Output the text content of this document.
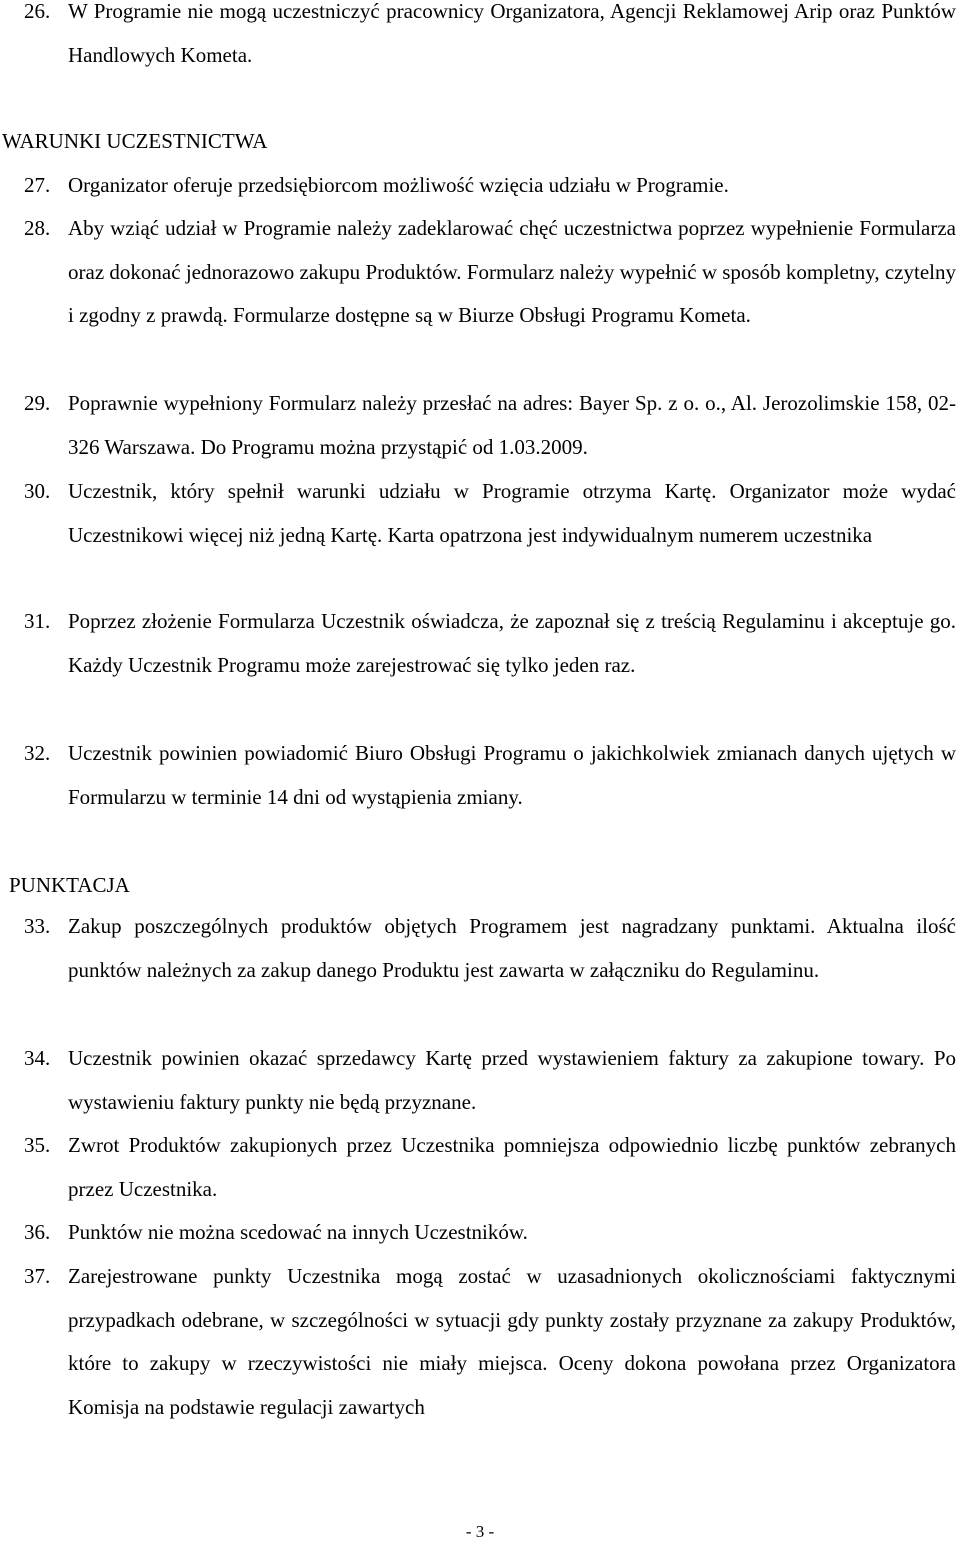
26. W Programie nie mogą uczestniczyć pracownicy Organizatora, Agencji Reklamowej Arip oraz Punktów Handlowych Kometa.
WARUNKI UCZESTNICTWA
27. Organizator oferuje przedsiębiorcom możliwość wzięcia udziału w Programie.
28. Aby wziąć udział w Programie należy zadeklarować chęć uczestnictwa poprzez wypełnienie Formularza oraz dokonać jednorazowo zakupu Produktów. Formularz należy wypełnić w sposób kompletny, czytelny i zgodny z prawdą. Formularze dostępne są w Biurze Obsługi Programu Kometa.
29. Poprawnie wypełniony Formularz należy przesłać na adres: Bayer Sp. z o. o., Al. Jerozolimskie 158, 02-326 Warszawa. Do Programu można przystąpić od 1.03.2009.
30. Uczestnik, który spełnił warunki udziału w Programie otrzyma Kartę. Organizator może wydać Uczestnikowi więcej niż jedną Kartę. Karta opatrzona jest indywidualnym numerem uczestnika
31. Poprzez złożenie Formularza Uczestnik oświadcza, że zapoznał się z treścią Regulaminu i akceptuje go. Każdy Uczestnik Programu może zarejestrować się tylko jeden raz.
32. Uczestnik powinien powiadomić Biuro Obsługi Programu o jakichkolwiek zmianach danych ujętych w Formularzu w terminie 14 dni od wystąpienia zmiany.
PUNKTACJA
33. Zakup poszczególnych produktów objętych Programem jest nagradzany punktami. Aktualna ilość punktów należnych za zakup danego Produktu jest zawarta w załączniku do Regulaminu.
34. Uczestnik powinien okazać sprzedawcy Kartę przed wystawieniem faktury za zakupione towary. Po wystawieniu faktury punkty nie będą przyznane.
35. Zwrot Produktów zakupionych przez Uczestnika pomniejsza odpowiednio liczbę punktów zebranych przez Uczestnika.
36. Punktów nie można scedować na innych Uczestników.
37. Zarejestrowane punkty Uczestnika mogą zostać w uzasadnionych okolicznościami faktycznymi przypadkach odebrane, w szczególności w sytuacji gdy punkty zostały przyznane za zakupy Produktów, które to zakupy w rzeczywistości nie miały miejsca. Oceny dokona powołana przez Organizatora Komisja na podstawie regulacji zawartych
- 3 -
